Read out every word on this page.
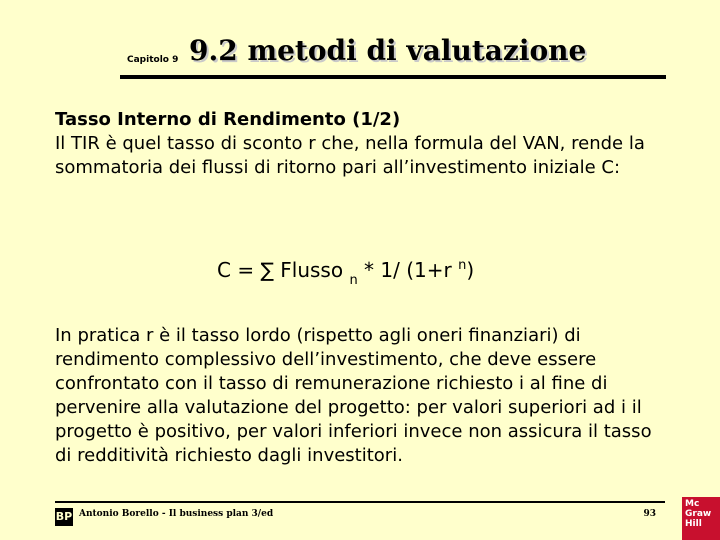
Capitolo 9 9.2 metodi di valutazione
Tasso Interno di Rendimento (1/2)
Il TIR è quel tasso di sconto r che, nella formula del VAN, rende la sommatoria dei flussi di ritorno pari all’investimento iniziale C:
C = ∑ Flusso $_n$ * 1/ (1+r $^n$)
In pratica r è il tasso lordo (rispetto agli oneri finanziari) di rendimento complessivo dell’investimento, che deve essere confrontato con il tasso di remunerazione richiesto i al fine di pervenire alla valutazione del progetto: per valori superiori ad i il progetto è positivo, per valori inferiori invece non assicura il tasso di redditività richiesto dagli investitori.
BP Antonio Borello - Il business plan 3/ed	93
Mc
Graw
Hill
